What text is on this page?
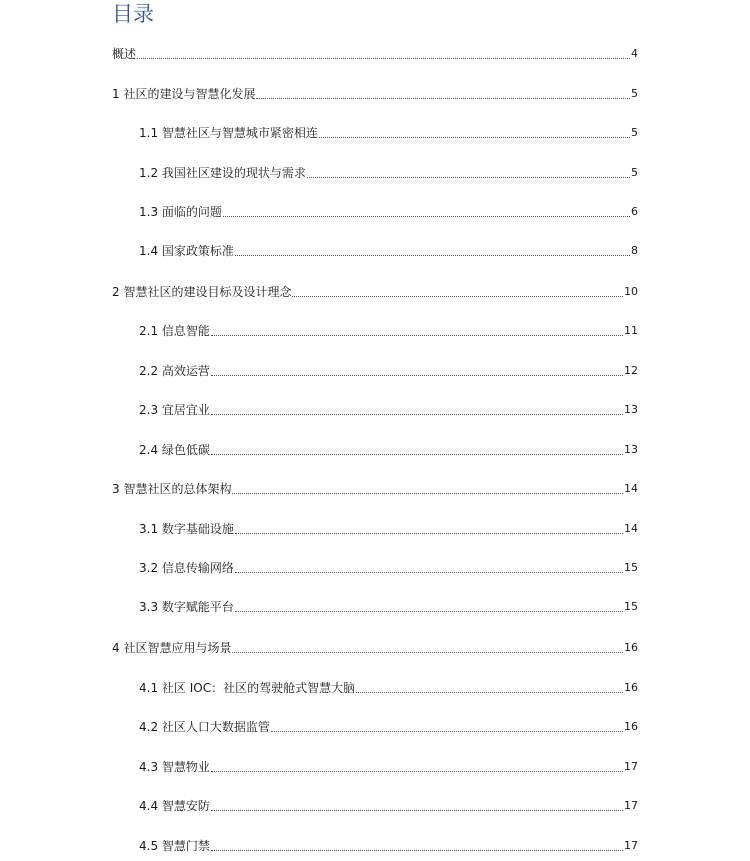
目录
概述	4
1 社区的建设与智慧化发展	5
1.1 智慧社区与智慧城市紧密相连	5
1.2 我国社区建设的现状与需求	5
1.3 面临的问题	6
1.4 国家政策标准	8
2 智慧社区的建设目标及设计理念	10
2.1 信息智能	11
2.2 高效运营	12
2.3 宜居宜业	13
2.4 绿色低碳	13
3 智慧社区的总体架构	14
3.1 数字基础设施	14
3.2 信息传输网络	15
3.3 数字赋能平台	15
4 社区智慧应用与场景	16
4.1 社区 IOC：社区的驾驶舱式智慧大脑	16
4.2 社区人口大数据监管	16
4.3 智慧物业	17
4.4 智慧安防	17
4.5 智慧门禁	17
